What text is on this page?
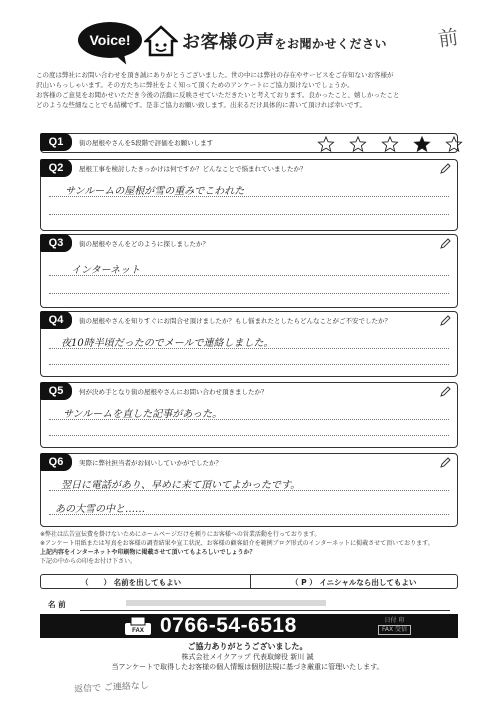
前
Voice!	お客様の声をお聞かせください

この度は弊社にお問い合わせを頂き誠にありがとうございました。世の中には弊社の存在やサービスをご存知ないお客様が

沢山いらっしゃいます。その方たちに弊社をよく知って頂くためのアンケートにご協力頂けないでしょうか。

お客様のご意見をお聞かせいただき今後の活動に反映させていただきたいと考えております。良かったこと、嬉しかったこと

どのような些細なことでも結構です。是非ご協力お願い致します。出来るだけ具体的に書いて頂ければ幸いです。

Q1	街の屋根やさんを5段階で評価をお願いします
Q2	屋根工事を検討したきっかけは何ですか？どんなことで悩まれていましたか？
サンルームの屋根が雪の重みでこわれた
Q3	街の屋根やさんをどのように探しましたか？
インターネット
Q4	街の屋根やさんを知りすぐにお問合せ頂けましたか？もし悩まれたとしたらどんなことがご不安でしたか？
夜10時半頃だったのでメールで連絡しました。
Q5	何が決め手となり街の屋根やさんにお問い合わせ頂きましたか？
サンルームを直した記事があった。
Q6	実際に弊社担当者がお伺いしていかがでしたか？
翌日に電話があり、早めに来て頂いてよかったです。
あの大雪の中と……
※弊社は広告宣伝費を掛けないためにホームページだけを頼りにお客様への営業活動を行っております。
※アンケート用紙または写真をお客様の調査結果や宣工状況、お客様の顧客紹介を範例ブログ形式のインターネットに掲載させて頂いております。
上記内容をインターネットや印刷物に掲載させて頂いてもよろしいでしょうか？
下記の中からの印をお付け下さい。
（　　） 名前を出してもよい	（ P ） イニシャルなら出してもよい
名 前
FAX 0766-54-6518	日付 印
FAX 受信
ご協力ありがとうございました。
株式会社メイクアップ 代表取締役 新川 誠
当アンケートで取得したお客様の個人情報は個別法規に基づき厳重に管理いたします。
返信で ご連絡なし
